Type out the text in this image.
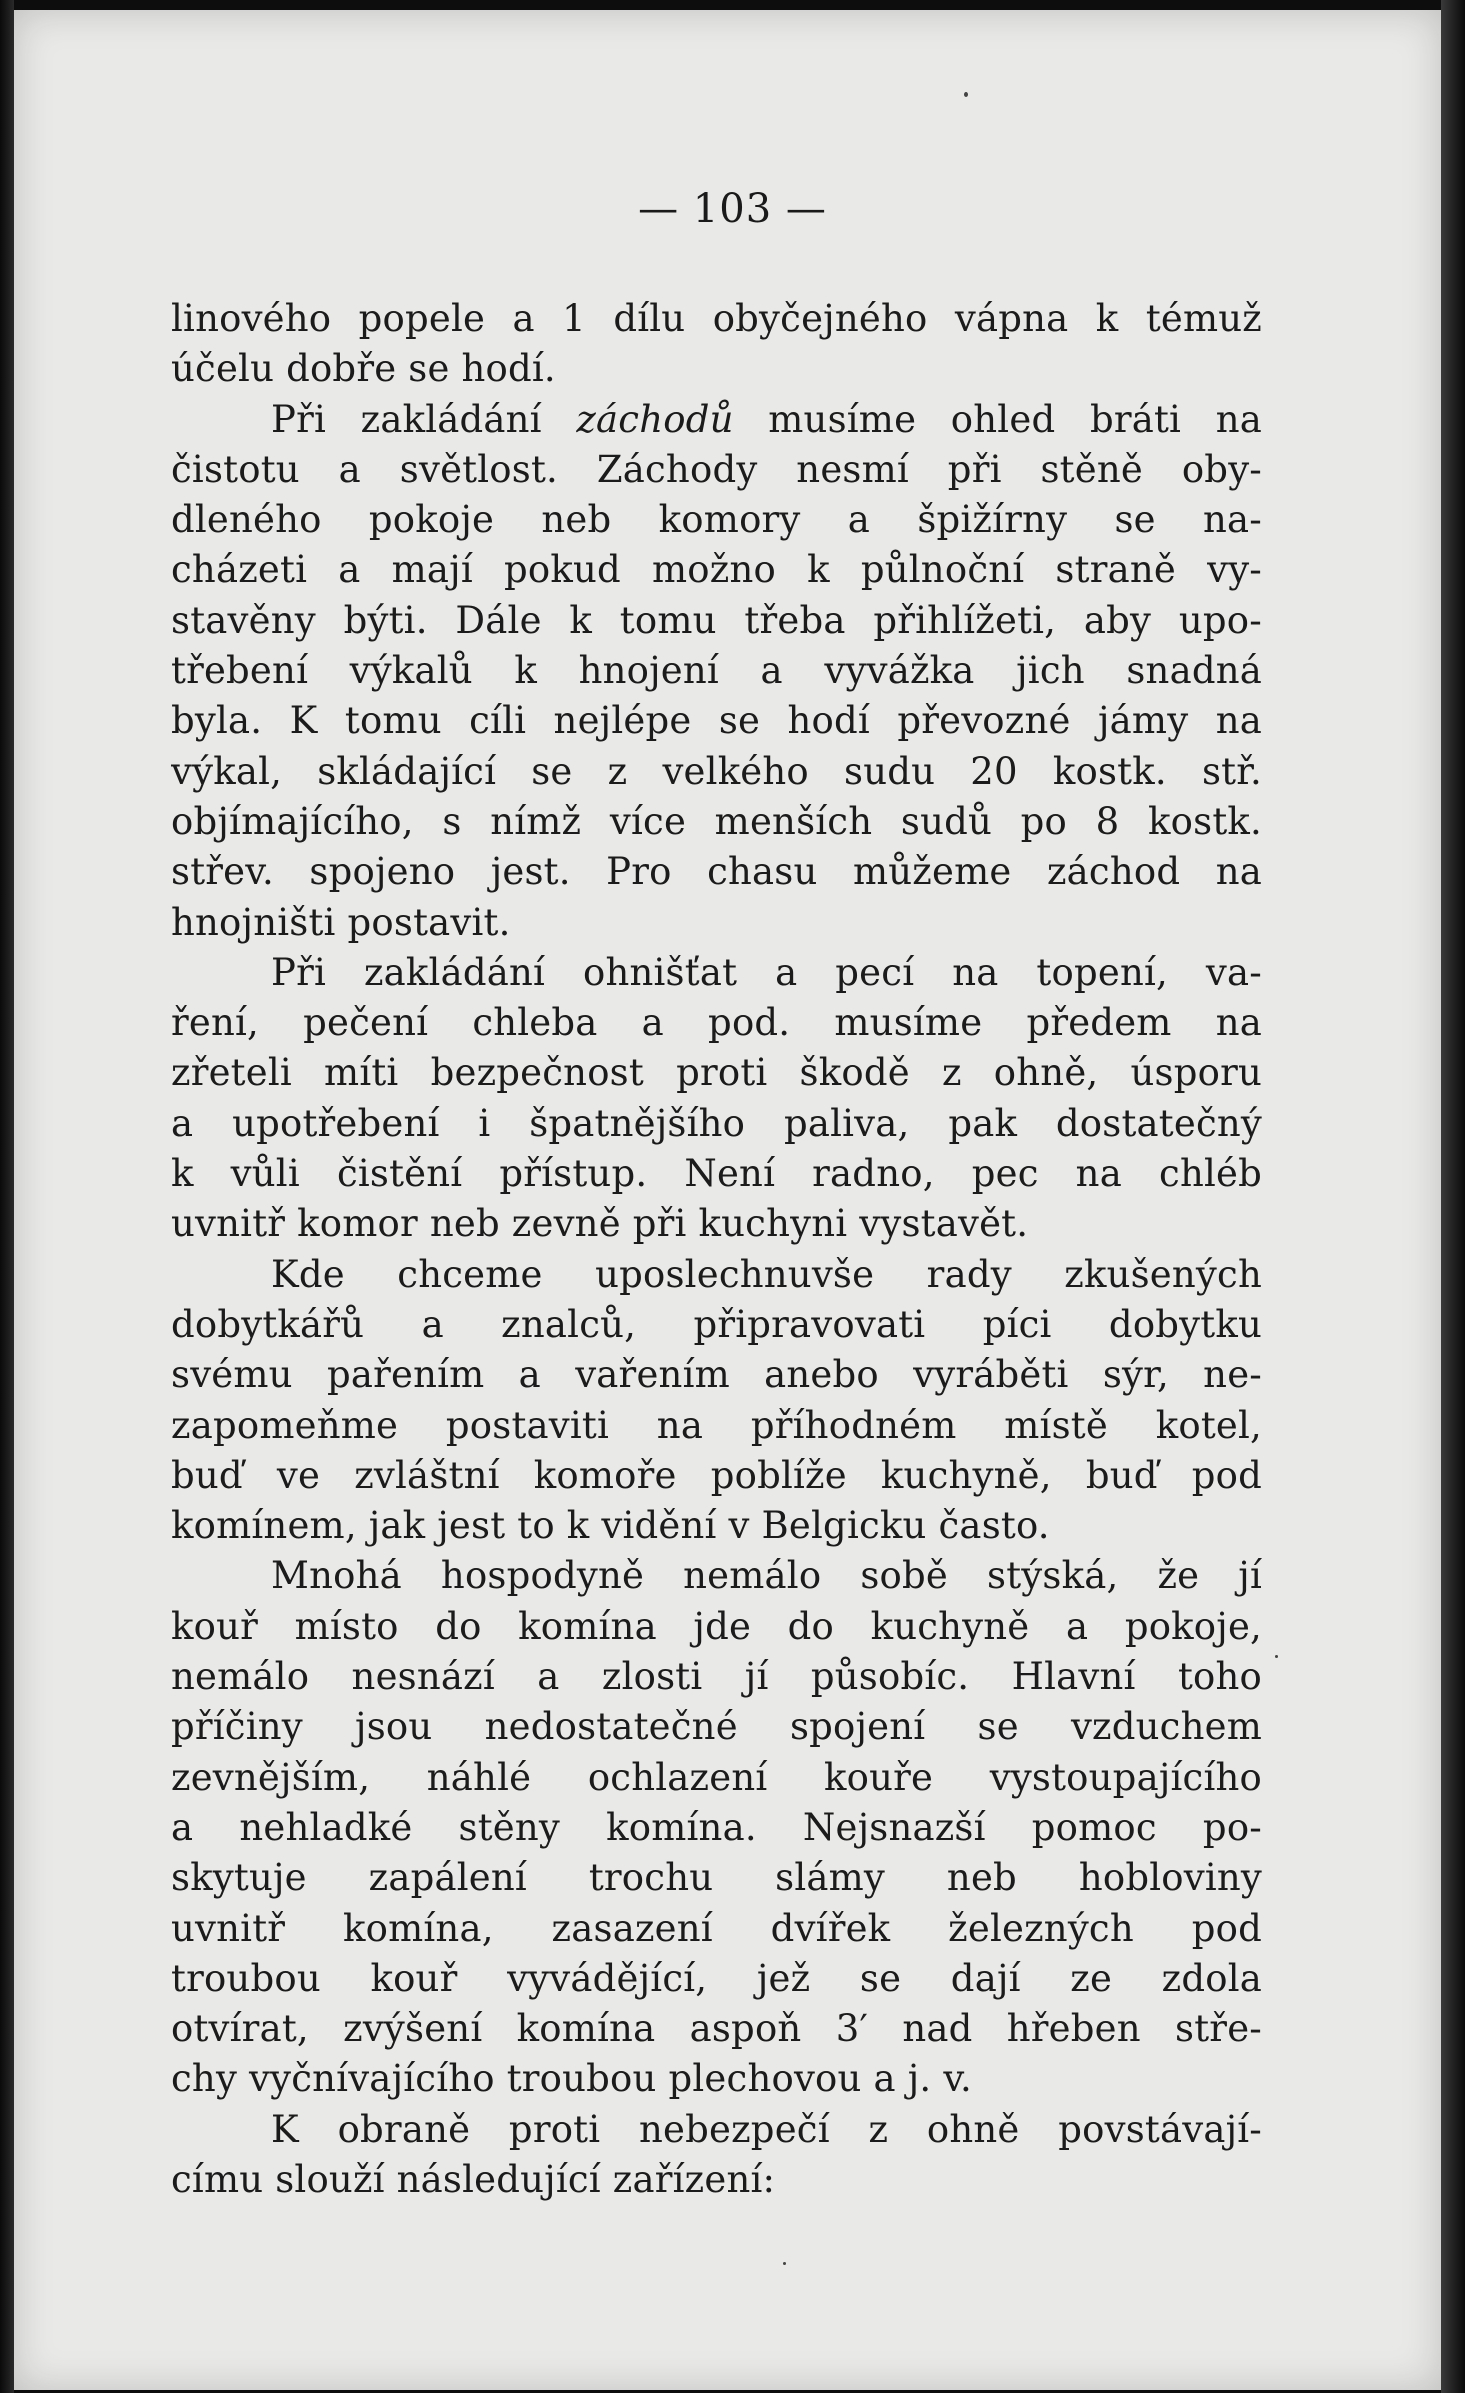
— 103 —
linového popele a 1 dílu obyčejného vápna k témuž
účelu dobře se hodí.
Při zakládání záchodů musíme ohled bráti na
čistotu a světlost. Záchody nesmí při stěně oby-
dleného pokoje neb komory a špižírny se na-
cházeti a mají pokud možno k půlnoční straně vy-
stavěny býti. Dále k tomu třeba přihlížeti, aby upo-
třebení výkalů k hnojení a vyvážka jich snadná
byla. K tomu cíli nejlépe se hodí převozné jámy na
výkal, skládající se z velkého sudu 20 kostk. stř.
objímajícího, s nímž více menších sudů po 8 kostk.
střev. spojeno jest. Pro chasu můžeme záchod na
hnojništi postavit.
Při zakládání ohnišťat a pecí na topení, va-
ření, pečení chleba a pod. musíme předem na
zřeteli míti bezpečnost proti škodě z ohně, úsporu
a upotřebení i špatnějšího paliva, pak dostatečný
k vůli čistění přístup. Není radno, pec na chléb
uvnitř komor neb zevně při kuchyni vystavět.
Kde chceme uposlechnuvše rady zkušených
dobytkářů a znalců, připravovati píci dobytku
svému pařením a vařením anebo vyráběti sýr, ne-
zapomeňme postaviti na příhodném místě kotel,
buď ve zvláštní komoře poblíže kuchyně, buď pod
komínem, jak jest to k vidění v Belgicku často.
Mnohá hospodyně nemálo sobě stýská, že jí
kouř místo do komína jde do kuchyně a pokoje,
nemálo nesnází a zlosti jí působíc. Hlavní toho
příčiny jsou nedostatečné spojení se vzduchem
zevnějším, náhlé ochlazení kouře vystoupajícího
a nehladké stěny komína. Nejsnazší pomoc po-
skytuje zapálení trochu slámy neb hobloviny
uvnitř komína, zasazení dvířek železných pod
troubou kouř vyvádějící, jež se dají ze zdola
otvírat, zvýšení komína aspoň 3′ nad hřeben stře-
chy vyčnívajícího troubou plechovou a j. v.
K obraně proti nebezpečí z ohně povstávají-
címu slouží následující zařízení:
